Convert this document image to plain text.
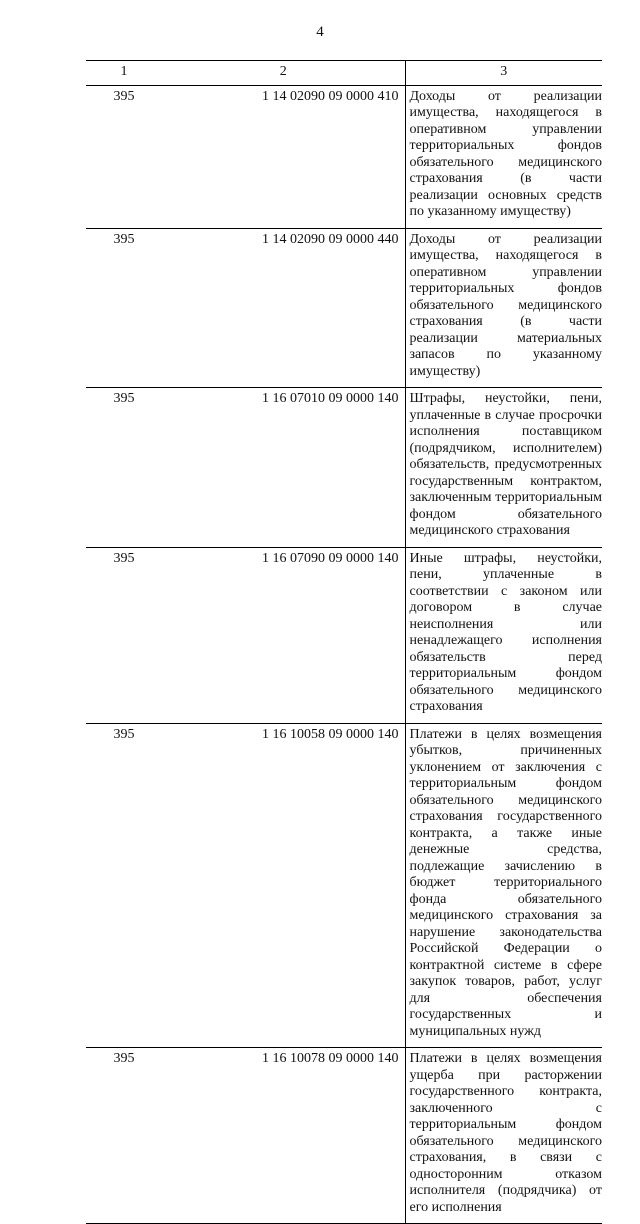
4
1	2	3
395	1 14 02090 09 0000 410	Доходы от реализации имущества, находящегося в оперативном управлении территориальных фондов обязательного медицинского страхования (в части реализации основных средств по указанному имуществу)
395	1 14 02090 09 0000 440	Доходы от реализации имущества, находящегося в оперативном управлении территориальных фондов обязательного медицинского страхования (в части реализации материальных запасов по указанному имуществу)
395	1 16 07010 09 0000 140	Штрафы, неустойки, пени, уплаченные в случае просрочки исполнения поставщиком (подрядчиком, исполнителем) обязательств, предусмотренных государственным контрактом, заключенным территориальным фондом обязательного медицинского страхования
395	1 16 07090 09 0000 140	Иные штрафы, неустойки, пени, уплаченные в соответствии с законом или договором в случае неисполнения или ненадлежащего исполнения обязательств перед территориальным фондом обязательного медицинского страхования
395	1 16 10058 09 0000 140	Платежи в целях возмещения убытков, причиненных уклонением от заключения с территориальным фондом обязательного медицинского страхования государственного контракта, а также иные денежные средства, подлежащие зачислению в бюджет территориального фонда обязательного медицинского страхования за нарушение законодательства Российской Федерации о контрактной системе в сфере закупок товаров, работ, услуг для обеспечения государственных и муниципальных нужд
395	1 16 10078 09 0000 140	Платежи в целях возмещения ущерба при расторжении государственного контракта, заключенного с территориальным фондом обязательного медицинского страхования, в связи с односторонним отказом исполнителя (подрядчика) от его исполнения
